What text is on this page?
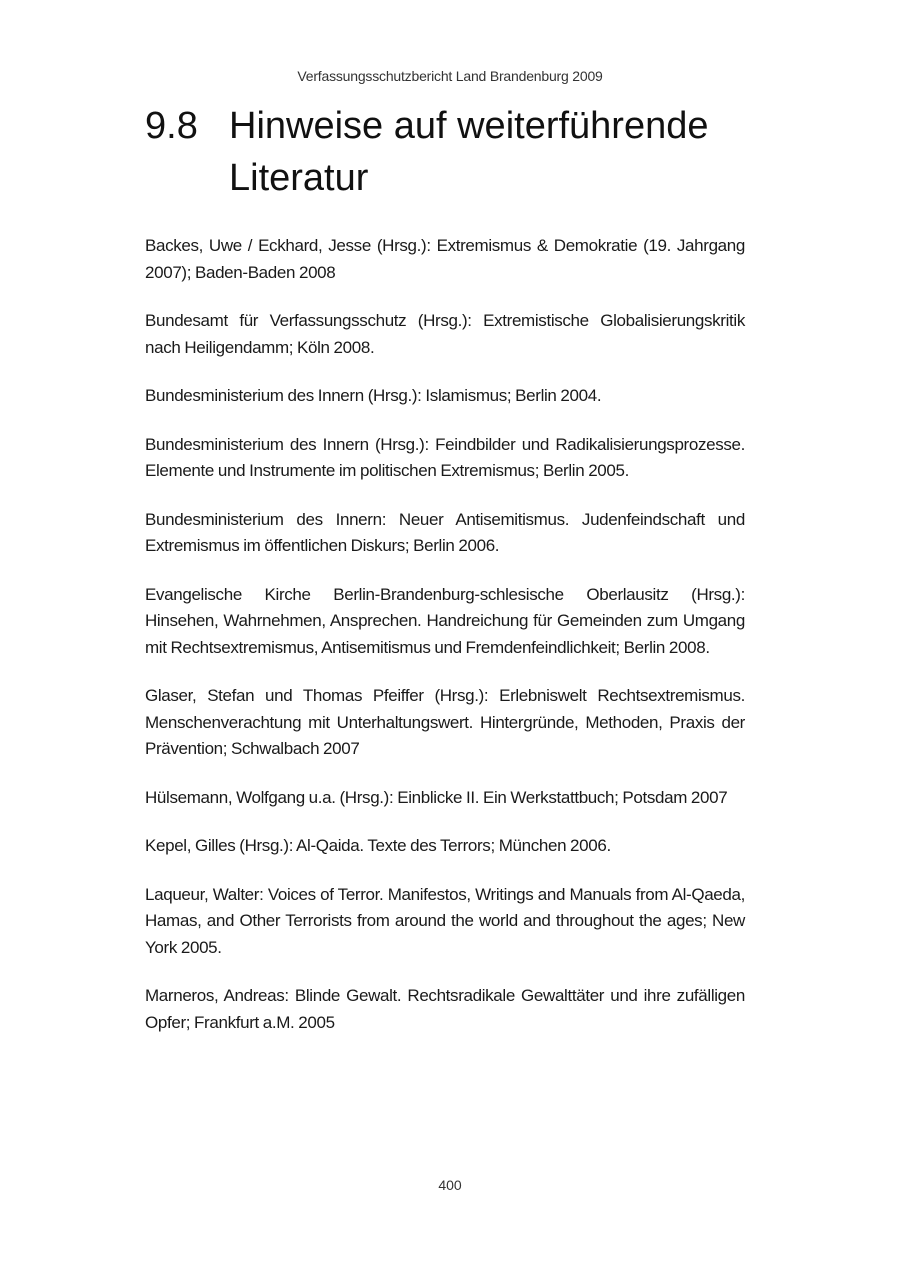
Verfassungsschutzbericht Land Brandenburg 2009
9.8 Hinweise auf weiterführende Literatur

Backes, Uwe / Eckhard, Jesse (Hrsg.): Extremismus & Demokratie (19. Jahrgang 2007); Baden-Baden 2008

Bundesamt für Verfassungsschutz (Hrsg.): Extremistische Globalisierungskritik nach Heiligendamm; Köln 2008.

Bundesministerium des Innern (Hrsg.): Islamismus; Berlin 2004.

Bundesministerium des Innern (Hrsg.): Feindbilder und Radikalisierungsprozesse. Elemente und Instrumente im politischen Extremismus; Berlin 2005.

Bundesministerium des Innern: Neuer Antisemitismus. Judenfeindschaft und Extremismus im öffentlichen Diskurs; Berlin 2006.

Evangelische Kirche Berlin-Brandenburg-schlesische Oberlausitz (Hrsg.): Hinsehen, Wahrnehmen, Ansprechen. Handreichung für Gemeinden zum Umgang mit Rechtsextremismus, Antisemitismus und Fremdenfeindlichkeit; Berlin 2008.

Glaser, Stefan und Thomas Pfeiffer (Hrsg.): Erlebniswelt Rechtsextremismus. Menschenverachtung mit Unterhaltungswert. Hintergründe, Methoden, Praxis der Prävention; Schwalbach 2007

Hülsemann, Wolfgang u.a. (Hrsg.): Einblicke II. Ein Werkstattbuch; Potsdam 2007

Kepel, Gilles (Hrsg.): Al-Qaida. Texte des Terrors; München 2006.

Laqueur, Walter: Voices of Terror. Manifestos, Writings and Manuals from Al-Qaeda, Hamas, and Other Terrorists from around the world and throughout the ages; New York 2005.

Marneros, Andreas: Blinde Gewalt. Rechtsradikale Gewalttäter und ihre zufälligen Opfer; Frankfurt a.M. 2005

400
